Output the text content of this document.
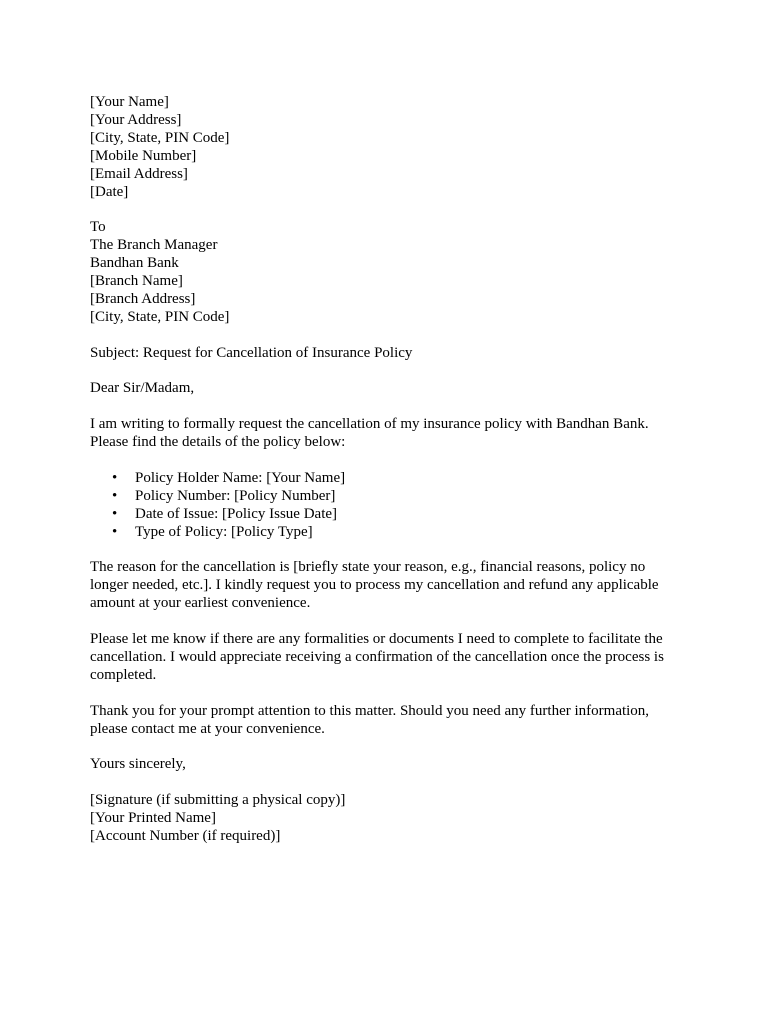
[Your Name]
[Your Address]
[City, State, PIN Code]
[Mobile Number]
[Email Address]
[Date]
To
The Branch Manager
Bandhan Bank
[Branch Name]
[Branch Address]
[City, State, PIN Code]
Subject: Request for Cancellation of Insurance Policy
Dear Sir/Madam,

I am writing to formally request the cancellation of my insurance policy with Bandhan Bank. Please find the details of the policy below:

• Policy Holder Name: [Your Name]
• Policy Number: [Policy Number]
• Date of Issue: [Policy Issue Date]
• Type of Policy: [Policy Type]

The reason for the cancellation is [briefly state your reason, e.g., financial reasons, policy no longer needed, etc.]. I kindly request you to process my cancellation and refund any applicable amount at your earliest convenience.

Please let me know if there are any formalities or documents I need to complete to facilitate the cancellation. I would appreciate receiving a confirmation of the cancellation once the process is completed.

Thank you for your prompt attention to this matter. Should you need any further information, please contact me at your convenience.

Yours sincerely,
[Signature (if submitting a physical copy)]
[Your Printed Name]
[Account Number (if required)]
